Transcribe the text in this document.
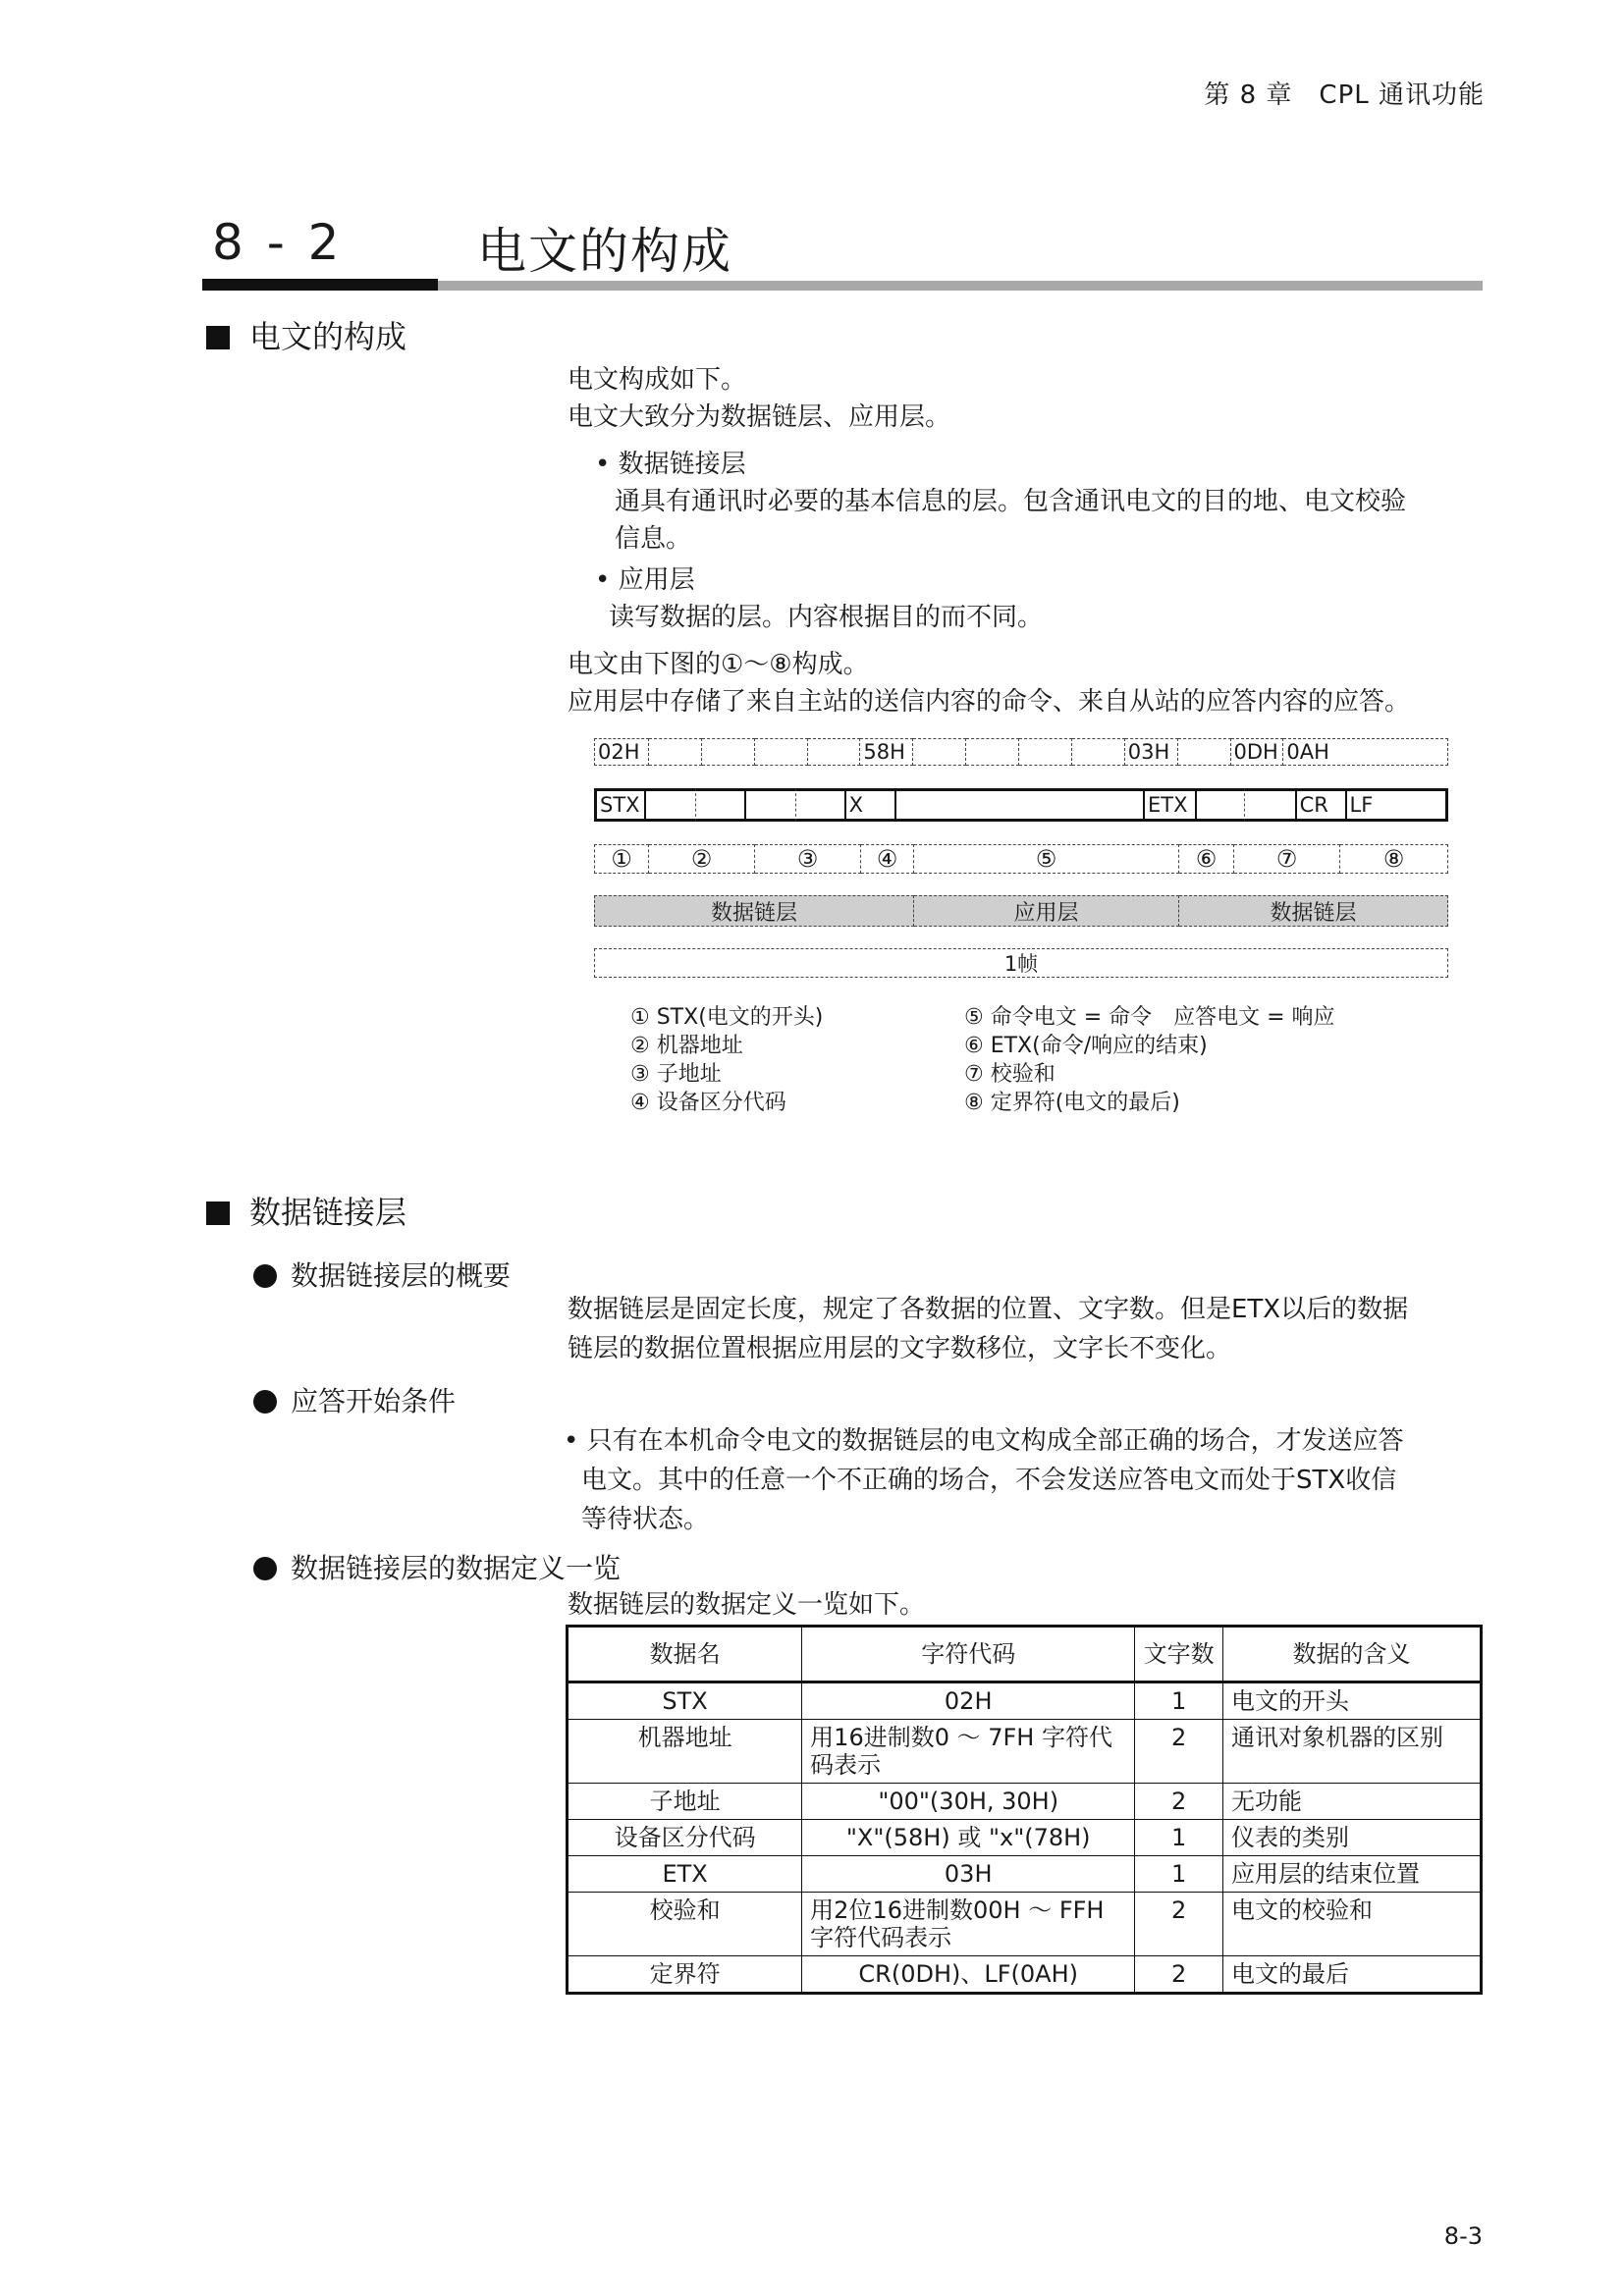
第 8 章　CPL 通讯功能
8 - 2	电文的构成
电文的构成
电文构成如下。
电文大致分为数据链层、应用层。
• 数据链接层
通具有通讯时必要的基本信息的层。包含通讯电文的目的地、电文校验
信息。
• 应用层
读写数据的层。内容根据目的而不同。
电文由下图的①～⑧构成。
应用层中存储了来自主站的送信内容的命令、来自从站的应答内容的应答。
02H	58H	03H	0DH 0AH
STX	X	ETX	CR	LF
①	②	③	④	⑤	⑥	⑦	⑧
数据链层	应用层	数据链层
1帧
① STX(电文的开头)
② 机器地址
③ 子地址
④ 设备区分代码
⑤ 命令电文 = 命令　应答电文 = 响应
⑥ ETX(命令/响应的结束)
⑦ 校验和
⑧ 定界符(电文的最后)
数据链接层
数据链接层的概要
数据链层是固定长度，规定了各数据的位置、文字数。但是ETX以后的数据
链层的数据位置根据应用层的文字数移位，文字长不变化。
应答开始条件
• 只有在本机命令电文的数据链层的电文构成全部正确的场合，才发送应答
电文。其中的任意一个不正确的场合，不会发送应答电文而处于STX收信
等待状态。
数据链接层的数据定义一览
数据链层的数据定义一览如下。
数据名	字符代码	文字数	数据的含义
STX	02H	1	电文的开头
机器地址	用16进制数0 ～ 7FH 字符代码表示	2	通讯对象机器的区别
子地址	"00"(30H, 30H)	2	无功能
设备区分代码	"X"(58H) 或 "x"(78H)	1	仪表的类别
ETX	03H	1	应用层的结束位置
校验和	用2位16进制数00H ～ FFH 字符代码表示	2	电文的校验和
定界符	CR(0DH)、LF(0AH)	2	电文的最后
8-3
